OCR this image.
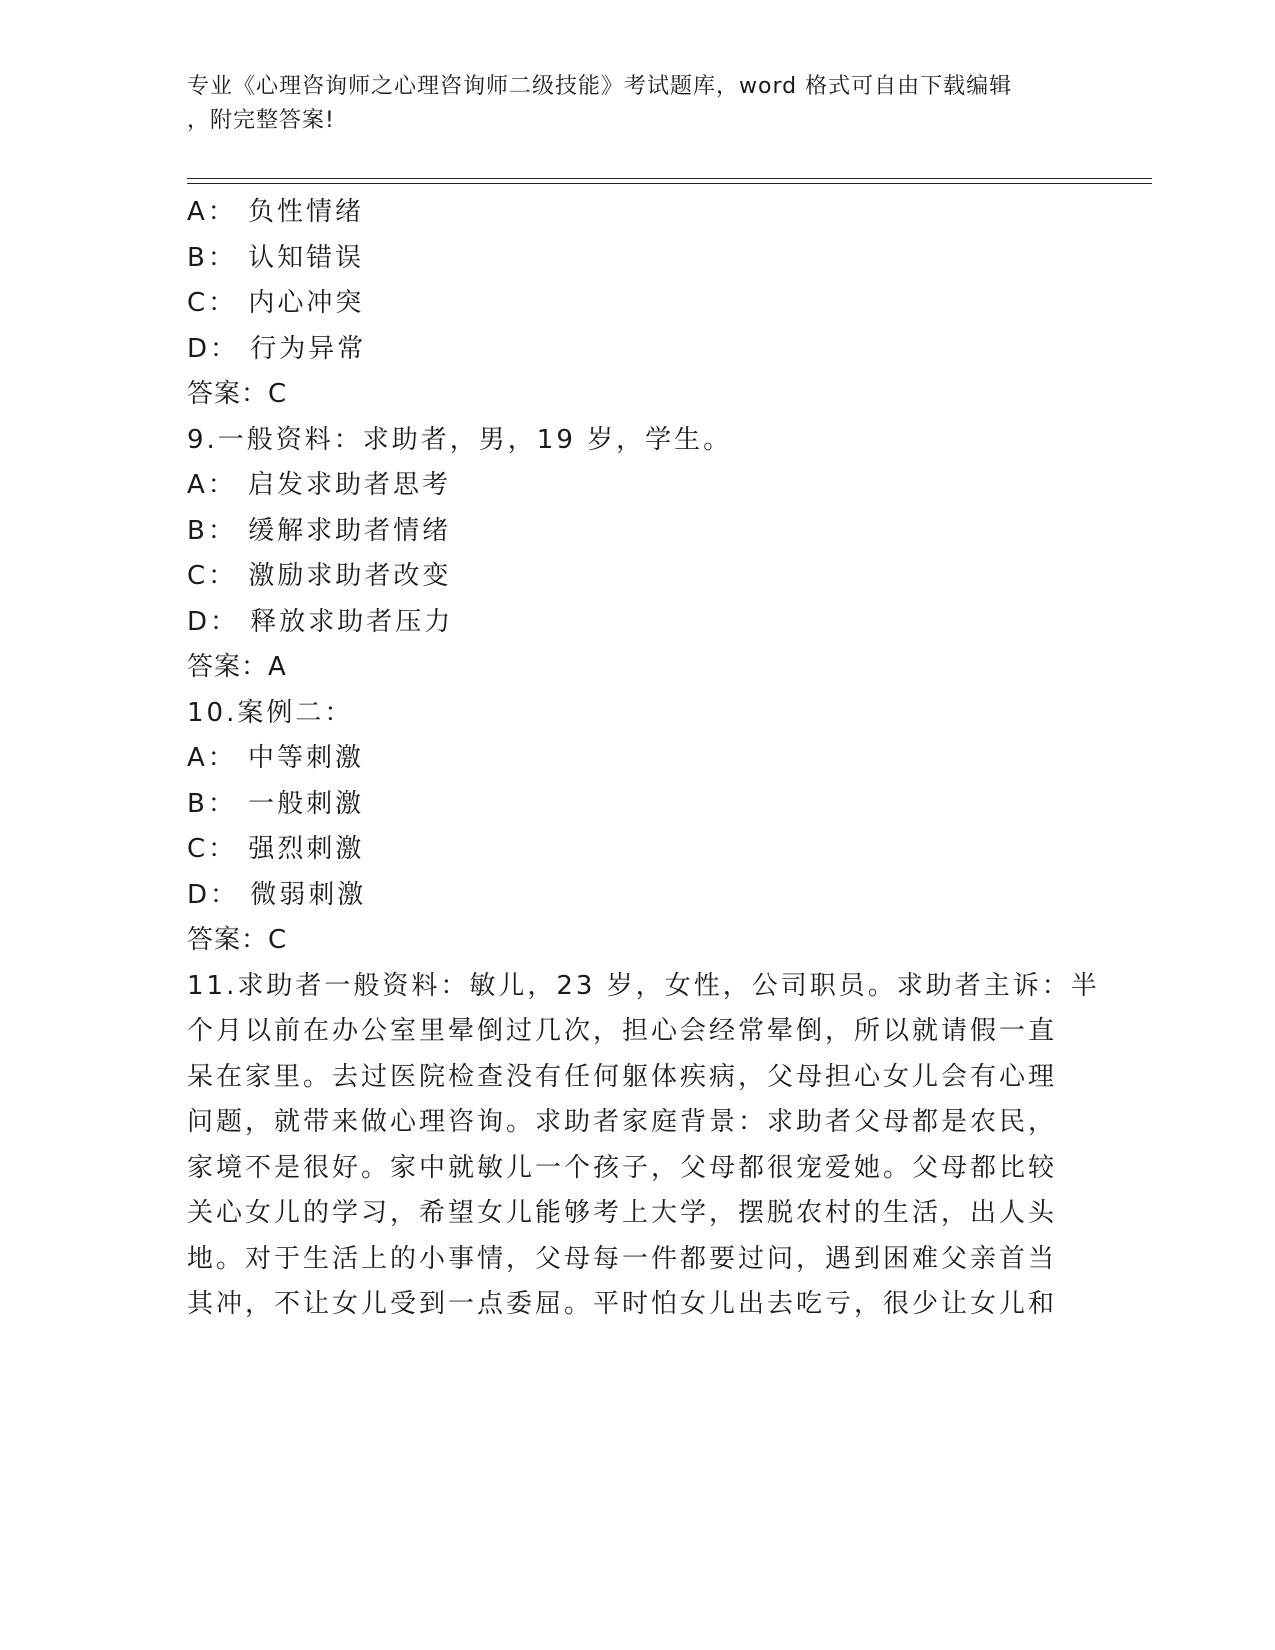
专业《心理咨询师之心理咨询师二级技能》考试题库，word 格式可自由下载编辑
，附完整答案!
A： 负性情绪
B： 认知错误
C： 内心冲突
D： 行为异常
答案：C
9.一般资料：求助者，男，19 岁，学生。
A： 启发求助者思考
B： 缓解求助者情绪
C： 激励求助者改变
D： 释放求助者压力
答案：A
10.案例二：
A： 中等刺激
B： 一般刺激
C： 强烈刺激
D： 微弱刺激
答案：C
11.求助者一般资料：敏儿，23 岁，女性，公司职员。求助者主诉：半
个月以前在办公室里晕倒过几次，担心会经常晕倒，所以就请假一直
呆在家里。去过医院检查没有任何躯体疾病，父母担心女儿会有心理
问题，就带来做心理咨询。求助者家庭背景：求助者父母都是农民，
家境不是很好。家中就敏儿一个孩子，父母都很宠爱她。父母都比较
关心女儿的学习，希望女儿能够考上大学，摆脱农村的生活，出人头
地。对于生活上的小事情，父母每一件都要过问，遇到困难父亲首当
其冲，不让女儿受到一点委屈。平时怕女儿出去吃亏，很少让女儿和
